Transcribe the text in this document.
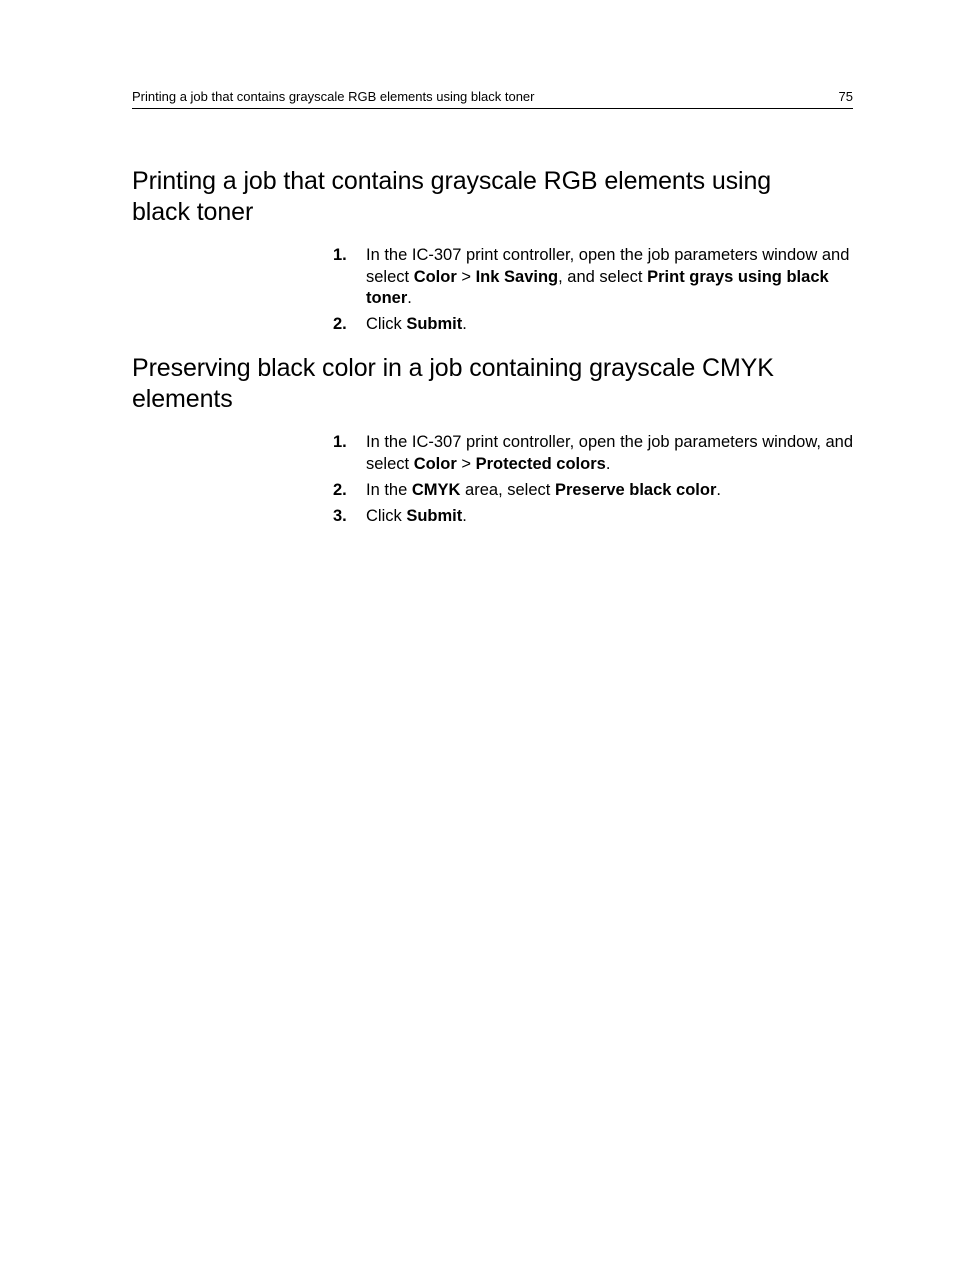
Printing a job that contains grayscale RGB elements using black toner	75
Printing a job that contains grayscale RGB elements using black toner
1. In the IC-307 print controller, open the job parameters window and select Color > Ink Saving, and select Print grays using black toner.
2. Click Submit.
Preserving black color in a job containing grayscale CMYK elements
1. In the IC-307 print controller, open the job parameters window, and select Color > Protected colors.
2. In the CMYK area, select Preserve black color.
3. Click Submit.
